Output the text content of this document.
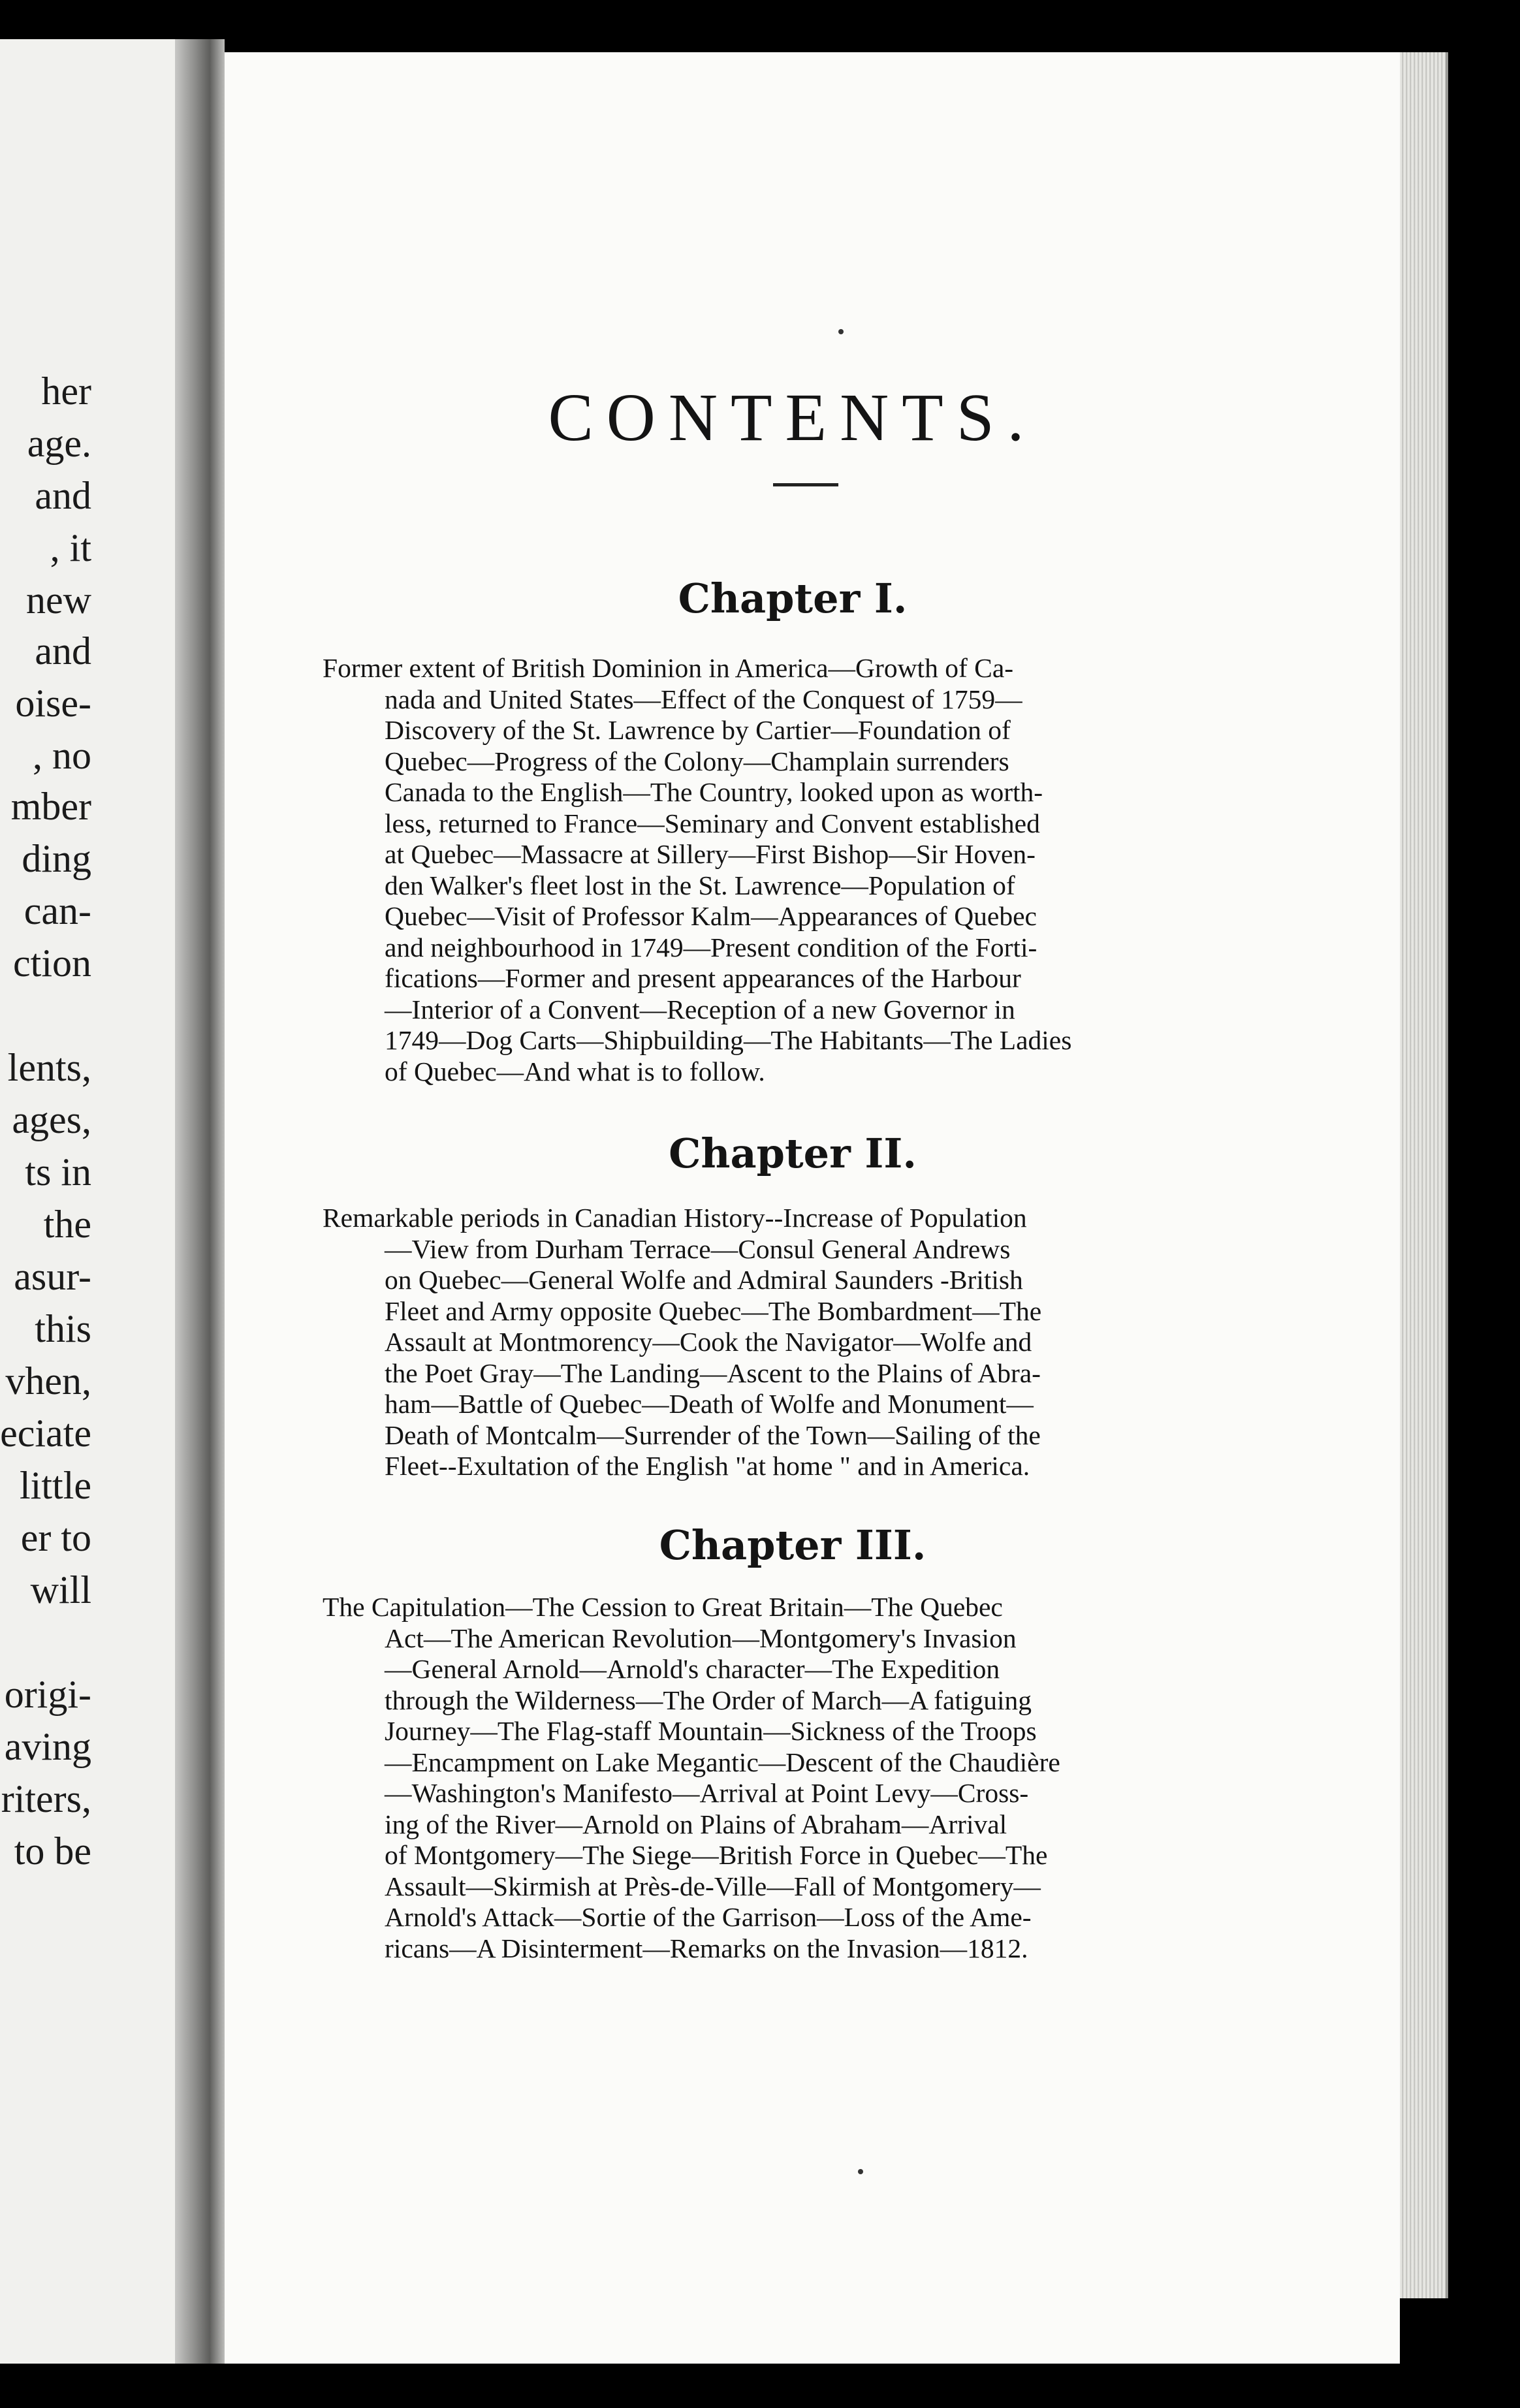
her
age.
and
, it
new
and
oise-
, no
mber
ding
can-
ction
lents,
ages,
ts in
the
asur-
this
vhen,
eciate
little
er to
will
origi-
aving
riters,
to be
CONTENTS.
Chapter I.
Former extent of British Dominion in America—Growth of Ca-
nada and United States—Effect of the Conquest of 1759—
Discovery of the St. Lawrence by Cartier—Foundation of
Quebec—Progress of the Colony—Champlain surrenders
Canada to the English—The Country, looked upon as worth-
less, returned to France—Seminary and Convent established
at Quebec—Massacre at Sillery—First Bishop—Sir Hoven-
den Walker's fleet lost in the St. Lawrence—Population of
Quebec—Visit of Professor Kalm—Appearances of Quebec
and neighbourhood in 1749—Present condition of the Forti-
fications—Former and present appearances of the Harbour
—Interior of a Convent—Reception of a new Governor in
1749—Dog Carts—Shipbuilding—The Habitants—The Ladies
of Quebec—And what is to follow.
Chapter II.
Remarkable periods in Canadian History--Increase of Population
—View from Durham Terrace—Consul General Andrews
on Quebec—General Wolfe and Admiral Saunders -British
Fleet and Army opposite Quebec—The Bombardment—The
Assault at Montmorency—Cook the Navigator—Wolfe and
the Poet Gray—The Landing—Ascent to the Plains of Abra-
ham—Battle of Quebec—Death of Wolfe and Monument—
Death of Montcalm—Surrender of the Town—Sailing of the
Fleet--Exultation of the English "at home " and in America.
Chapter III.
The Capitulation—The Cession to Great Britain—The Quebec
Act—The American Revolution—Montgomery's Invasion
—General Arnold—Arnold's character—The Expedition
through the Wilderness—The Order of March—A fatiguing
Journey—The Flag-staff Mountain—Sickness of the Troops
—Encampment on Lake Megantic—Descent of the Chaudière
—Washington's Manifesto—Arrival at Point Levy—Cross-
ing of the River—Arnold on Plains of Abraham—Arrival
of Montgomery—The Siege—British Force in Quebec—The
Assault—Skirmish at Près-de-Ville—Fall of Montgomery—
Arnold's Attack—Sortie of the Garrison—Loss of the Ame-
ricans—A Disinterment—Remarks on the Invasion—1812.
